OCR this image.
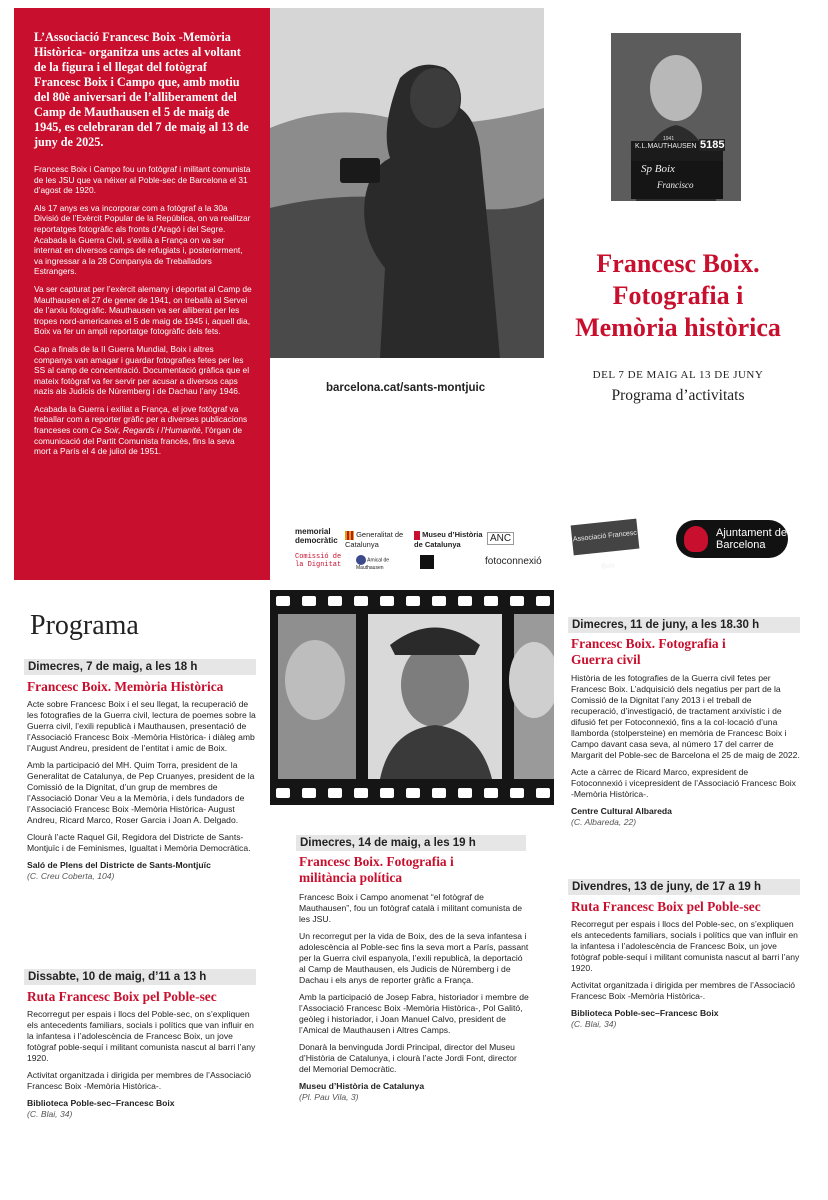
L’Associació Francesc Boix -Memòria Històrica- organitza uns actes al voltant de la figura i el llegat del fotògraf Francesc Boix i Campo que, amb motiu del 80è aniversari de l’alliberament del Camp de Mauthausen el 5 de maig de 1945, es celebraran del 7 de maig al 13 de juny de 2025.

Francesc Boix i Campo fou un fotògraf i militant comunista de les JSU que va néixer al Poble-sec de Barcelona el 31 d’agost de 1920.

Als 17 anys es va incorporar com a fotògraf a la 30a Divisió de l’Exèrcit Popular de la República, on va realitzar reportatges fotogràfic als fronts d’Aragó i del Segre. Acabada la Guerra Civil, s’exilià a França on va ser internat en diversos camps de refugiats i, posteriorment, va ingressar a la 28 Companyia de Treballadors Estrangers.

Va ser capturat per l’exèrcit alemany i deportat al Camp de Mauthausen el 27 de gener de 1941, on treballà al Servei de l’arxiu fotogràfic. Mauthausen va ser alliberat per les tropes nord-americanes el 5 de maig de 1945 i, aquell dia, Boix va fer un ampli reportatge fotogràfic dels fets.

Cap a finals de la II Guerra Mundial, Boix i altres companys van amagar i guardar fotografies fetes per les SS al camp de concentració. Documentació gràfica que el mateix fotògraf va fer servir per acusar a diversos caps nazis als Judicis de Núremberg i de Dachau l’any 1946.

Acabada la Guerra i exiliat a França, el jove fotògraf va treballar com a reporter gràfic per a diverses publicacions franceses com Ce Soir, Regards i l’Humanité, l’òrgan de comunicació del Partit Comunista francès, fins la seva mort a París el 4 de juliol de 1951.

barcelona.cat/sants-montjuic
K.L.MAUTHAUSEN
1941 5185
Sp Boix
Francisco
Francesc Boix.
Fotografia i
Memòria històrica
DEL 7 DE MAIG AL 13 DE JUNY
Programa d’activitats
memorial democràtic
Generalitat de Catalunya
Museu d’Història de Catalunya
ANC
Comissió de la Dignitat
Amical de Mauthausen
fotoconnexió
Associació Francesc Boix
Ajuntament de Barcelona
Programa
Dimecres, 7 de maig, a les 18 h
Francesc Boix. Memòria Històrica

Acte sobre Francesc Boix i el seu llegat, la recuperació de les fotografies de la Guerra civil, lectura de poemes sobre la Guerra civil, l’exili republicà i Mauthausen, presentació de l’Associació Francesc Boix -Memòria Històrica- i diàleg amb l’August Andreu, president de l’entitat i amic de Boix.

Amb la participació del MH. Quim Torra, president de la Generalitat de Catalunya, de Pep Cruanyes, president de la Comissió de la Dignitat, d’un grup de membres de l’Associació Donar Veu a la Memòria, i dels fundadors de l’Associació Francesc Boix -Memòria Històrica- August Andreu, Ricard Marco, Roser Garcia i Joan A. Delgado.

Clourà l’acte Raquel Gil, Regidora del Districte de Sants- Montjuïc i de Feminismes, Igualtat i Memòria Democràtica.

Saló de Plens del Districte de Sants-Montjuïc
(C. Creu Coberta, 104)

Dissabte, 10 de maig, d’11 a 13 h
Ruta Francesc Boix pel Poble-sec

Recorregut per espais i llocs del Poble-sec, on s’expliquen els antecedents familiars, socials i polítics que van influir en la infantesa i l’adolescència de Francesc Boix, un jove fotògraf poble-sequí i militant comunista nascut al barri l’any 1920.

Activitat organitzada i dirigida per membres de l’Associació Francesc Boix -Memòria Històrica-.

Biblioteca Poble-sec–Francesc Boix
(C. Blai, 34)

Dimecres, 14 de maig, a les 19 h
Francesc Boix. Fotografia i
militància política

Francesc Boix i Campo anomenat “el fotògraf de Mauthausen”, fou un fotògraf català i militant comunista de les JSU.

Un recorregut per la vida de Boix, des de la seva infantesa i adolescència al Poble-sec fins la seva mort a París, passant per la Guerra civil espanyola, l’exili republicà, la deportació al Camp de Mauthausen, els Judicis de Núremberg i de Dachau i els anys de reporter gràfic a França.

Amb la participació de Josep Fabra, historiador i membre de l’Associació Francesc Boix -Memòria Històrica-, Pol Galitó, geòleg i historiador, i Joan Manuel Calvo, president de l’Amical de Mauthausen i Altres Camps.

Donarà la benvinguda Jordi Principal, director del Museu d’Història de Catalunya, i clourà l’acte Jordi Font, director del Memorial Democràtic.

Museu d’Història de Catalunya
(Pl. Pau Vila, 3)

Dimecres, 11 de juny, a les 18.30 h
Francesc Boix. Fotografia i
Guerra civil

Història de les fotografies de la Guerra civil fetes per Francesc Boix. L’adquisició dels negatius per part de la Comissió de la Dignitat l’any 2013 i el treball de recuperació, d’investigació, de tractament arxivístic i de difusió fet per Fotoconnexió, fins a la col·locació d’una llamborda (stolpersteine) en memòria de Francesc Boix i Campo davant casa seva, al número 17 del carrer de Margarit del Poble-sec de Barcelona el 25 de maig de 2022.

Acte a càrrec de Ricard Marco, expresident de Fotoconnexió i vicepresident de l’Associació Francesc Boix -Memòria Històrica-.

Centre Cultural Albareda
(C. Albareda, 22)

Divendres, 13 de juny, de 17 a 19 h
Ruta Francesc Boix pel Poble-sec

Recorregut per espais i llocs del Poble-sec, on s’expliquen els antecedents familiars, socials i polítics que van influir en la infantesa i l’adolescència de Francesc Boix, un jove fotògraf poble-sequí i militant comunista nascut al barri l’any 1920.

Activitat organitzada i dirigida per membres de l’Associació Francesc Boix -Memòria Històrica-.

Biblioteca Poble-sec–Francesc Boix
(C. Blai, 34)
